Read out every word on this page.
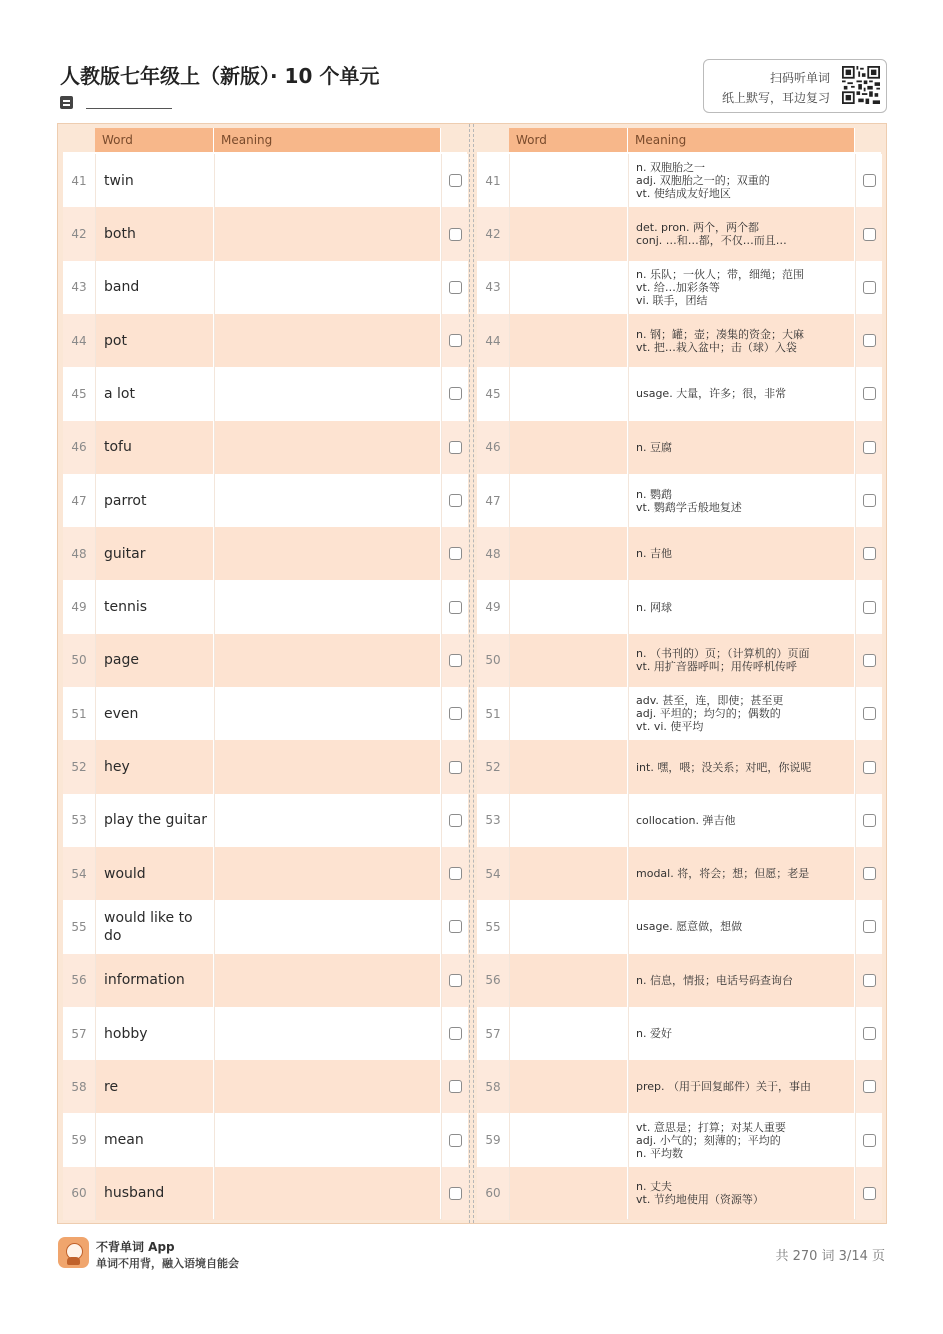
人教版七年级上（新版）· 10 个单元	扫码听单词
纸上默写，耳边复习
Word	Meaning
41	twin
42	both
43	band
44	pot
45	a lot
46	tofu
47	parrot
48	guitar
49	tennis
50	page
51	even
52	hey
53	play the guitar
54	would
55
would like to do
56	information
57	hobby
58	re
59	mean
60	husband
Word	Meaning
41
n. 双胞胎之一
adj. 双胞胎之一的；双重的
vt. 使结成友好地区
42	det. pron. 两个，两个都
conj. …和…都，不仅…而且…
43
n. 乐队；一伙人；带，细绳；范围
vt. 给…加彩条等
vi. 联手，团结
44	n. 钢；罐；壶；凑集的资金；大麻
vt. 把…栽入盆中；击（球）入袋
45	usage. 大量，许多；很，非常
46	n. 豆腐
47	n. 鹦鹉
vt. 鹦鹉学舌般地复述
48	n. 吉他
49	n. 网球
50	n. （书刊的）页；（计算机的）页面
vt. 用扩音器呼叫；用传呼机传呼
51
adv. 甚至，连，即使；甚至更
adj. 平坦的；均匀的；偶数的
vt. vi. 使平均
52	int. 嘿，喂；没关系；对吧，你说呢
53	collocation. 弹吉他
54	modal. 将，将会；想；但愿；老是
55	usage. 愿意做，想做
56	n. 信息，情报；电话号码查询台
57	n. 爱好
58	prep. （用于回复邮件）关于，事由
59
vt. 意思是；打算；对某人重要
adj. 小气的；刻薄的；平均的
n. 平均数
60	n. 丈夫
vt. 节约地使用（资源等）
不背单词 App
单词不用背，融入语境自能会	共 270 词 3/14 页
